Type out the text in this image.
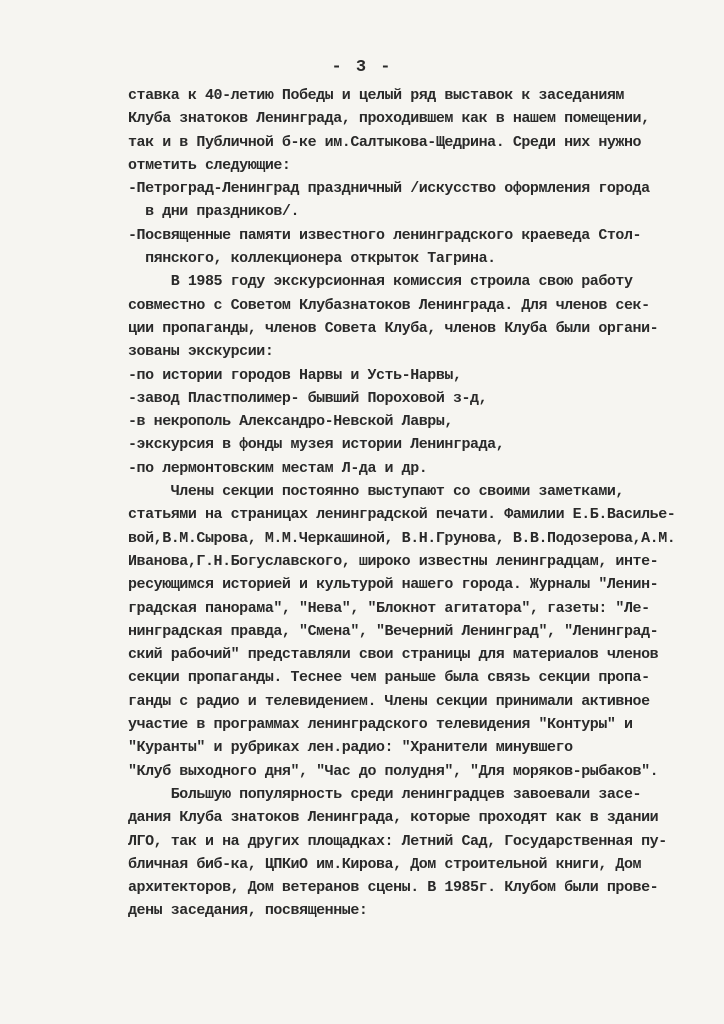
- 3 -
ставка к 40-летию Победы и целый ряд выставок к заседаниям
Клуба знатоков Ленинграда, проходившем как в нашем помещении,
так и в Публичной б-ке им.Салтыкова-Щедрина. Среди них нужно
отметить следующие:
-Петроград-Ленинград праздничный /искусство оформления города
в дни праздников/.
-Посвященные памяти известного ленинградского краеведа Стол-
пянского, коллекционера открыток Тагрина.
В 1985 году экскурсионная комиссия строила свою работу
совместно с Советом Клубазнатоков Ленинграда. Для членов сек-
ции пропаганды, членов Совета Клуба, членов Клуба были органи-
зованы экскурсии:
-по истории городов Нарвы и Усть-Нарвы,
-завод Пластполимер- бывший Пороховой з-д,
-в некрополь Александро-Невской Лавры,
-экскурсия в фонды музея истории Ленинграда,
-по лермонтовским местам Л-да и др.
Члены секции постоянно выступают со своими заметками,
статьями на страницах ленинградской печати. Фамилии Е.Б.Василье-
вой,В.М.Сырова, М.М.Черкашиной, В.Н.Грунова, В.В.Подозерова,А.М.
Иванова,Г.Н.Богуславского, широко известны ленинградцам, инте-
ресующимся историей и культурой нашего города. Журналы "Ленин-
градская панорама", "Нева", "Блокнот агитатора", газеты: "Ле-
нинградская правда, "Смена", "Вечерний Ленинград", "Ленинград-
ский рабочий" представляли свои страницы для материалов членов
секции пропаганды. Теснее чем раньше была связь секции пропа-
ганды с радио и телевидением. Члены секции принимали активное
участие в программах ленинградского телевидения "Контуры" и
"Куранты" и рубриках лен.радио: "Хранители минувшего
"Клуб выходного дня", "Час до полудня", "Для моряков-рыбаков".
Большую популярность среди ленинградцев завоевали засе-
дания Клуба знатоков Ленинграда, которые проходят как в здании
ЛГО, так и на других площадках: Летний Сад, Государственная пу-
бличная биб-ка, ЦПКиО им.Кирова, Дом строительной книги, Дом
архитекторов, Дом ветеранов сцены. В 1985г. Клубом были прове-
дены заседания, посвященные:
